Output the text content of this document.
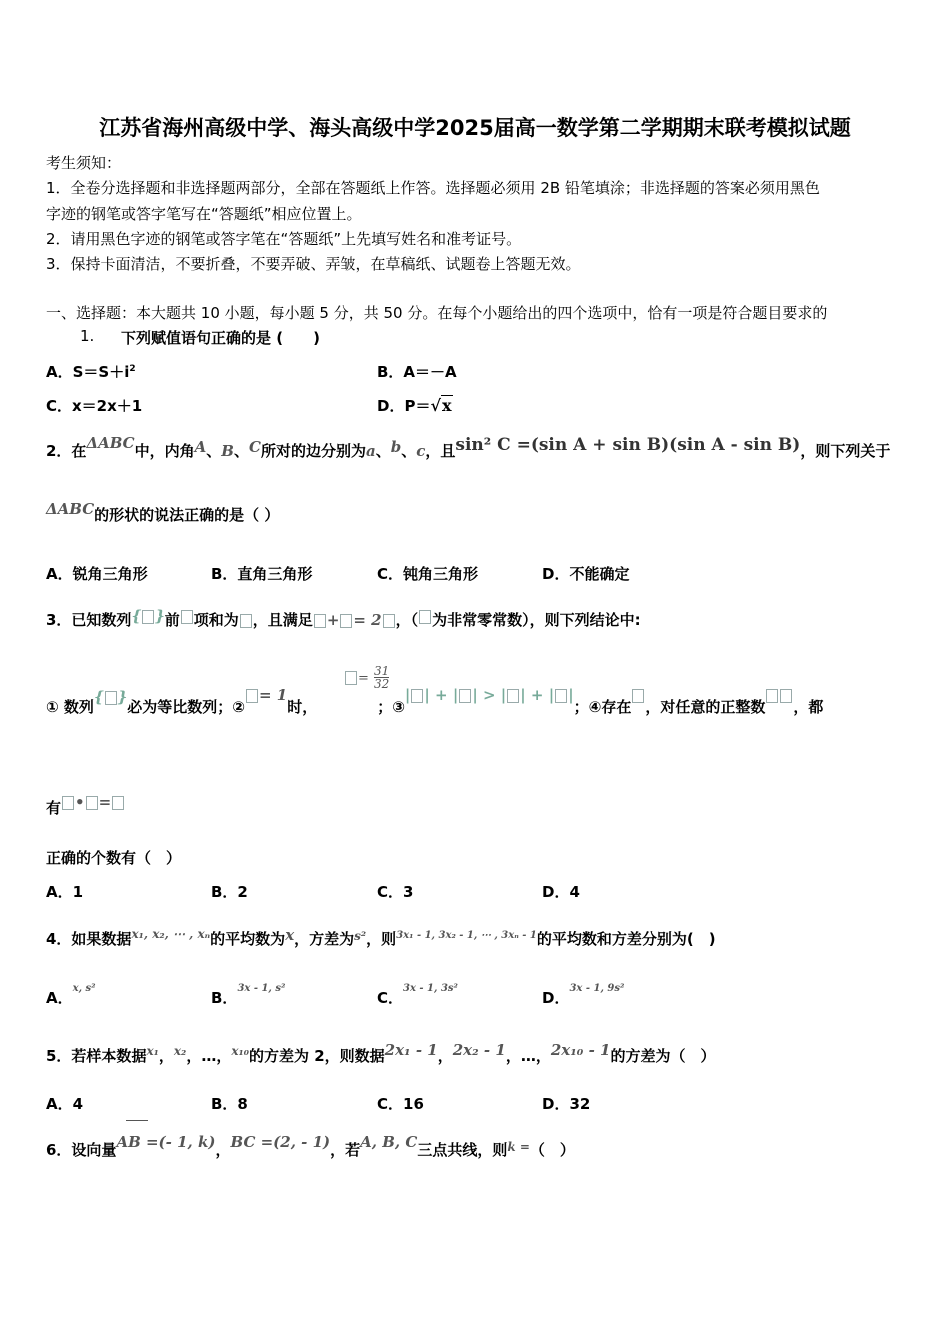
江苏省海州高级中学、海头高级中学2025届高一数学第二学期期末联考模拟试题
考生须知：
1．全卷分选择题和非选择题两部分，全部在答题纸上作答。选择题必须用 2B 铅笔填涂；非选择题的答案必须用黑色
字迹的钢笔或答字笔写在“答题纸”相应位置上。
2．请用黑色字迹的钢笔或答字笔在“答题纸”上先填写姓名和准考证号。
3．保持卡面清洁，不要折叠，不要弄破、弄皱，在草稿纸、试题卷上答题无效。
一、选择题：本大题共 10 小题，每小题 5 分，共 50 分。在每个小题给出的四个选项中，恰有一项是符合题目要求的
1. 下列赋值语句正确的是 (　　)
A．$S=S+i^2$	B．A＝－A
C．x＝2x＋1	D．P＝√x
2．在ΔABC中，内角A、B、C所对的边分别为a、b、c，且sin² C =(sin A + sin B)(sin A - sin B)，则下列关于
ΔABC的形状的说法正确的是（ ）
A．锐角三角形	B．直角三角形	C．钝角三角形	D．不能确定
3．已知数列{ }前 项和为 ，且满足 + = 2 ，（ 为非常零常数），则下列结论中:
① 数列{ }必为等比数列；②= 1时，	；③| | + | | > | | + | |；④存在 ，对任意的正整数 ，都
= $\frac{31}{32}$
有 • =
正确的个数有（　）
A．1	B．2	C．3	D．4
4．如果数据$^{x_1, x_2, \cdots , x_n}$的平均数为x，方差为$^{s^2}$，则$^{3x_1 - 1, 3x_2 - 1, \cdots , 3x_n - 1}$的平均数和方差分别为(　)
A．$^{x, s^2}$
B．$^{3x - 1, s^2}$
C．$^{3x - 1, 3s^2}$
D．$^{3x - 1, 9s^2}$
5．若样本数据$^{x_1}$，$^{x_2}$，…，$^{x_{10}}$的方差为 2，则数据2x₁ - 1，2x₂ - 1，…，2x₁₀ - 1的方差为（　）
A．4	B．8	C．16	D．32
6．设向量AB =(- 1, k)，BC =(2, - 1)，若A, B, C三点共线，则$^{k =}$（　）
